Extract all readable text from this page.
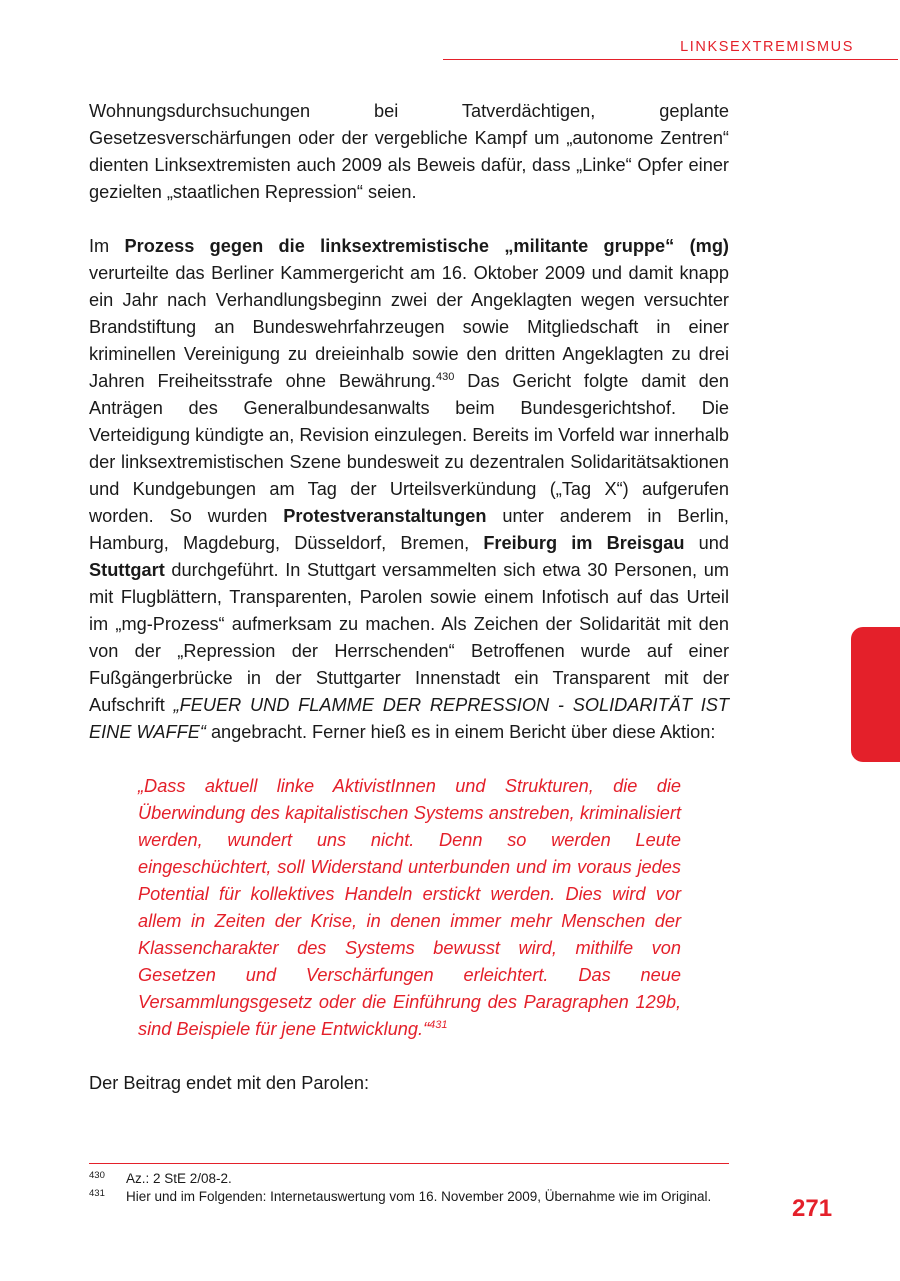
LINKSEXTREMISMUS

Wohnungsdurchsuchungen bei Tatverdächtigen, geplante Gesetzesverschärfungen oder der vergebliche Kampf um „autonome Zentren“ dienten Linksextremisten auch 2009 als Beweis dafür, dass „Linke“ Opfer einer gezielten „staatlichen Repression“ seien.

Im Prozess gegen die linksextremistische „militante gruppe“ (mg) verurteilte das Berliner Kammergericht am 16. Oktober 2009 und damit knapp ein Jahr nach Verhandlungsbeginn zwei der Angeklagten wegen versuchter Brandstiftung an Bundeswehrfahrzeugen sowie Mitgliedschaft in einer kriminellen Vereinigung zu dreieinhalb sowie den dritten Angeklagten zu drei Jahren Freiheitsstrafe ohne Bewährung.$^{430}$ Das Gericht folgte damit den Anträgen des Generalbundesanwalts beim Bundesgerichtshof. Die Verteidigung kündigte an, Revision einzulegen. Bereits im Vorfeld war innerhalb der linksextremistischen Szene bundesweit zu dezentralen Solidaritätsaktionen und Kundgebungen am Tag der Urteilsverkündung („Tag X“) aufgerufen worden. So wurden Protestveranstaltungen unter anderem in Berlin, Hamburg, Magdeburg, Düsseldorf, Bremen, Freiburg im Breisgau und Stuttgart durchgeführt. In Stuttgart versammelten sich etwa 30 Personen, um mit Flugblättern, Transparenten, Parolen sowie einem Infotisch auf das Urteil im „mg-Prozess“ aufmerksam zu machen. Als Zeichen der Solidarität mit den von der „Repression der Herrschenden“ Betroffenen wurde auf einer Fußgängerbrücke in der Stuttgarter Innenstadt ein Transparent mit der Aufschrift „FEUER UND FLAMME DER REPRESSION - SOLIDARITÄT IST EINE WAFFE“ angebracht. Ferner hieß es in einem Bericht über diese Aktion:

„Dass aktuell linke AktivistInnen und Strukturen, die die Überwindung des kapitalistischen Systems anstreben, kriminalisiert werden, wundert uns nicht. Denn so werden Leute eingeschüchtert, soll Widerstand unterbunden und im voraus jedes Potential für kollektives Handeln erstickt werden. Dies wird vor allem in Zeiten der Krise, in denen immer mehr Menschen der Klassencharakter des Systems bewusst wird, mithilfe von Gesetzen und Verschärfungen erleichtert. Das neue Versammlungsgesetz oder die Einführung des Paragraphen 129b, sind Beispiele für jene Entwicklung.“$^{431}$

Der Beitrag endet mit den Parolen:

430	Az.: 2 StE 2/08-2.
431	Hier und im Folgenden: Internetauswertung vom 16. November 2009, Übernahme wie im Original.	271
